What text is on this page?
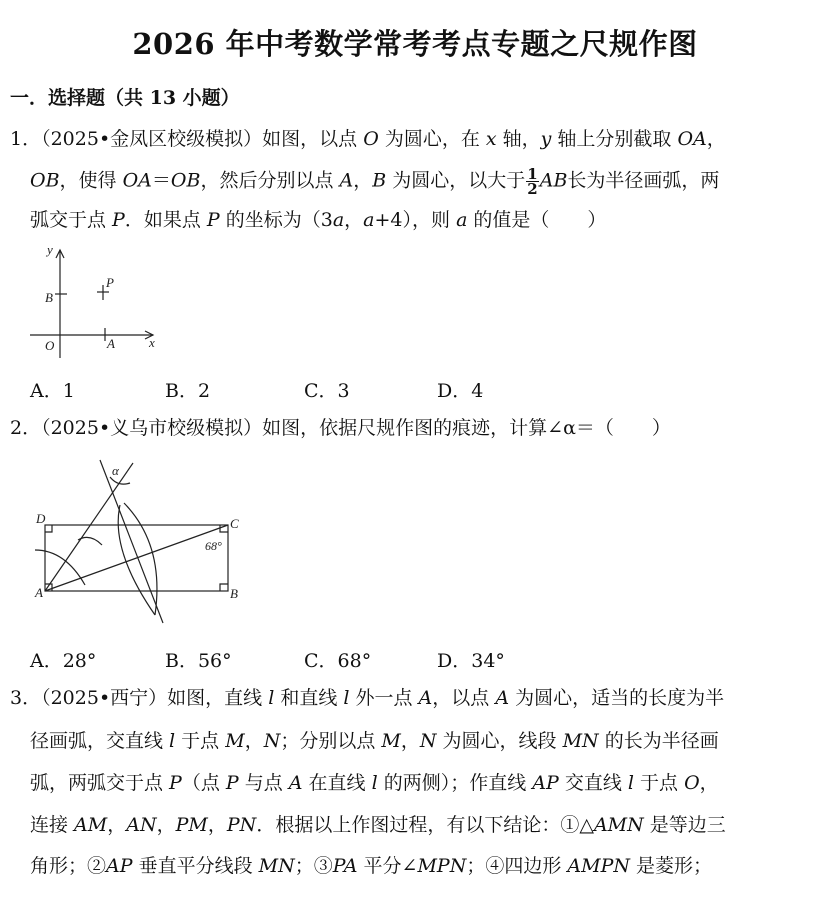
2026 年中考数学常考考点专题之尺规作图
一．选择题（共 13 小题）
1．（2025•金凤区校级模拟）如图，以点 O 为圆心，在 x 轴，y 轴上分别截取 OA，
OB，使得 OA＝OB，然后分别以点 A，B 为圆心，以大于 $\frac{1}{2}$ AB长为半径画弧，两
弧交于点 P．如果点 P 的坐标为（3a，a+4），则 a 的值是（　　）
y
x
O	A
B
P
A．1	B．2	C．3	D．4
2．（2025•义乌市校级模拟）如图，依据尺规作图的痕迹，计算∠α＝（　　）
α
A	B
C
D
68°
A．28°	B．56°	C．68°	D．34°
3．（2025•西宁）如图，直线 l 和直线 l 外一点 A，以点 A 为圆心，适当的长度为半
径画弧，交直线 l 于点 M，N；分别以点 M，N 为圆心，线段 MN 的长为半径画
弧，两弧交于点 P（点 P 与点 A 在直线 l 的两侧）；作直线 AP 交直线 l 于点 O，
连接 AM，AN，PM，PN．根据以上作图过程，有以下结论：①△AMN 是等边三
角形；②AP 垂直平分线段 MN；③PA 平分∠MPN；④四边形 AMPN 是菱形；
